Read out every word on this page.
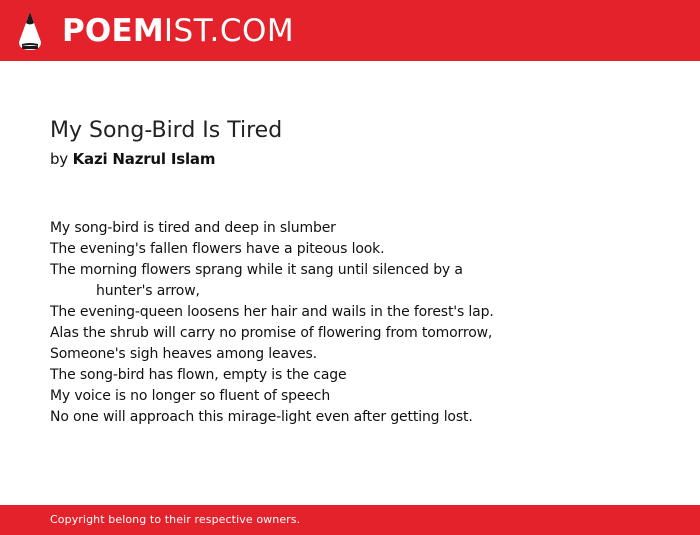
POEMIST.COM
My Song-Bird Is Tired
by Kazi Nazrul Islam
My song-bird is tired and deep in slumber
The evening's fallen flowers have a piteous look.
The morning flowers sprang while it sang until silenced by a
hunter's arrow,
The evening-queen loosens her hair and wails in the forest's lap.
Alas the shrub will carry no promise of flowering from tomorrow,
Someone's sigh heaves among leaves.
The song-bird has flown, empty is the cage
My voice is no longer so fluent of speech
No one will approach this mirage-light even after getting lost.
Copyright belong to their respective owners.
